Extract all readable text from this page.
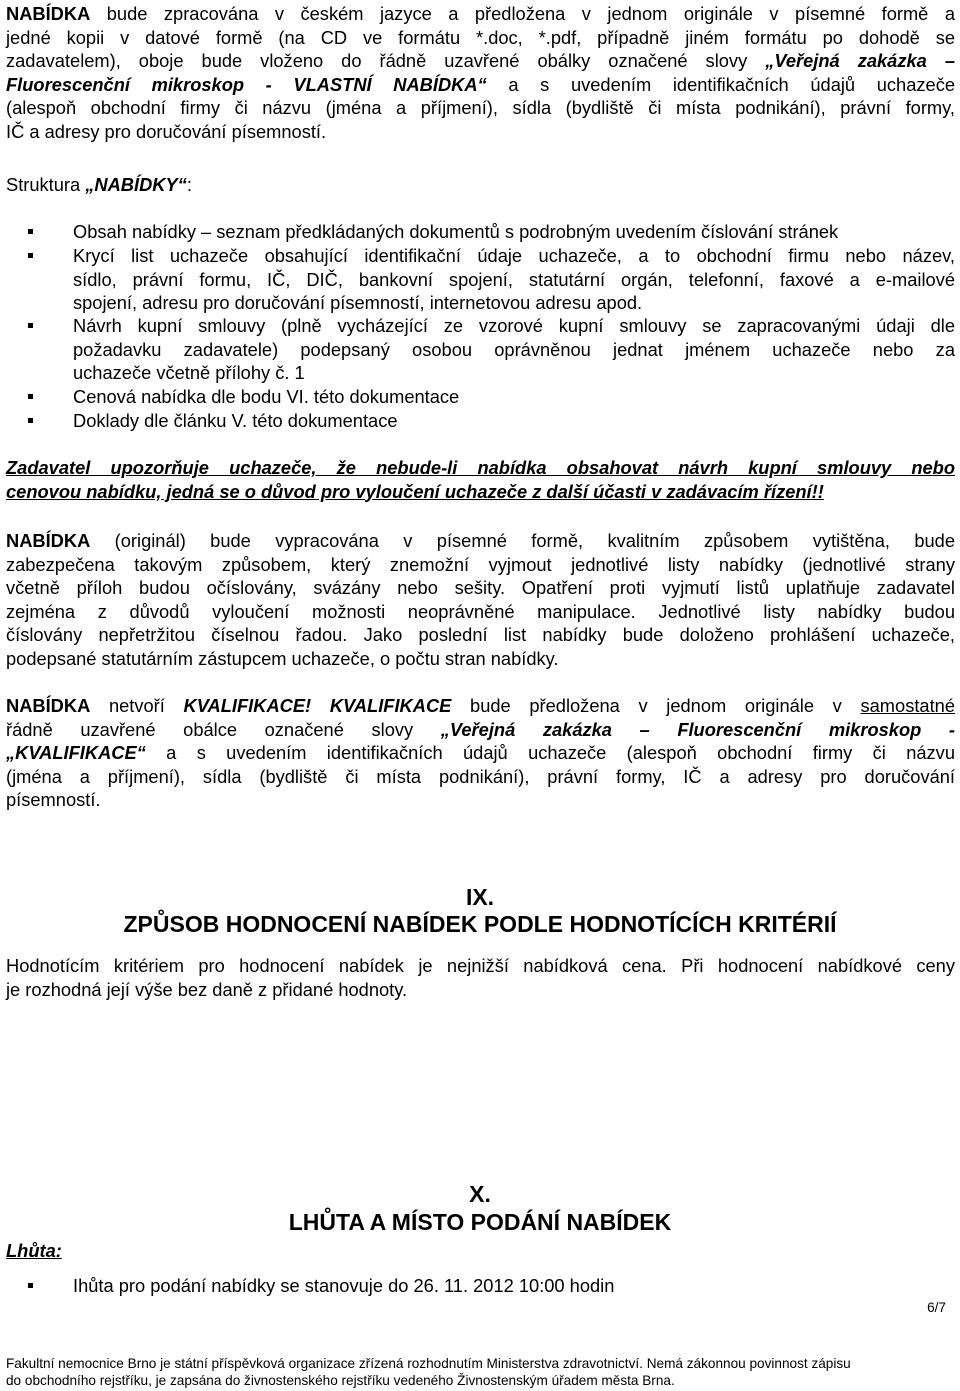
NABÍDKA bude zpracována v českém jazyce a předložena v jednom originále v písemné formě a
jedné kopii v datové formě (na CD ve formátu *.doc, *.pdf, případně jiném formátu po dohodě se
zadavatelem), oboje bude vloženo do řádně uzavřené obálky označené slovy „Veřejná zakázka –
Fluorescenční mikroskop - VLASTNÍ NABÍDKA“ a s uvedením identifikačních údajů uchazeče
(alespoň obchodní firmy či názvu (jména a příjmení), sídla (bydliště či místa podnikání), právní formy,
IČ a adresy pro doručování písemností.
Struktura „NABÍDKY“:
Obsah nabídky – seznam předkládaných dokumentů s podrobným uvedením číslování stránek
Krycí list uchazeče obsahující identifikační údaje uchazeče, a to obchodní firmu nebo název,
sídlo, právní formu, IČ, DIČ, bankovní spojení, statutární orgán, telefonní, faxové a e-mailové
spojení, adresu pro doručování písemností, internetovou adresu apod.
Návrh kupní smlouvy (plně vycházející ze vzorové kupní smlouvy se zapracovanými údaji dle
požadavku zadavatele) podepsaný osobou oprávněnou jednat jménem uchazeče nebo za
uchazeče včetně přílohy č. 1
Cenová nabídka dle bodu VI. této dokumentace
Doklady dle článku V. této dokumentace
Zadavatel upozorňuje uchazeče, že nebude-li nabídka obsahovat návrh kupní smlouvy nebo
cenovou nabídku, jedná se o důvod pro vyloučení uchazeče z další účasti v zadávacím řízení!!
NABÍDKA (originál) bude vypracována v písemné formě, kvalitním způsobem vytištěna, bude
zabezpečena takovým způsobem, který znemožní vyjmout jednotlivé listy nabídky (jednotlivé strany
včetně příloh budou očíslovány, svázány nebo sešity. Opatření proti vyjmutí listů uplatňuje zadavatel
zejména z důvodů vyloučení možnosti neoprávněné manipulace. Jednotlivé listy nabídky budou
číslovány nepřetržitou číselnou řadou. Jako poslední list nabídky bude doloženo prohlášení uchazeče,
podepsané statutárním zástupcem uchazeče, o počtu stran nabídky.
NABÍDKA netvoří KVALIFIKACE! KVALIFIKACE bude předložena v jednom originále v samostatné
řádně uzavřené obálce označené slovy „Veřejná zakázka – Fluorescenční mikroskop -
„KVALIFIKACE“ a s uvedením identifikačních údajů uchazeče (alespoň obchodní firmy či názvu
(jména a příjmení), sídla (bydliště či místa podnikání), právní formy, IČ a adresy pro doručování
písemností.
IX.
ZPŮSOB HODNOCENÍ NABÍDEK PODLE HODNOTÍCÍCH KRITÉRIÍ
Hodnotícím kritériem pro hodnocení nabídek je nejnižší nabídková cena. Při hodnocení nabídkové ceny
je rozhodná její výše bez daně z přidané hodnoty.
X.
LHŮTA A MÍSTO PODÁNÍ NABÍDEK
Lhůta:
Ihůta pro podání nabídky se stanovuje do 26. 11. 2012 10:00 hodin
6/7
Fakultní nemocnice Brno je státní příspěvková organizace zřízená rozhodnutím Ministerstva zdravotnictví. Nemá zákonnou povinnost zápisu
do obchodního rejstříku, je zapsána do živnostenského rejstříku vedeného Živnostenským úřadem města Brna.
